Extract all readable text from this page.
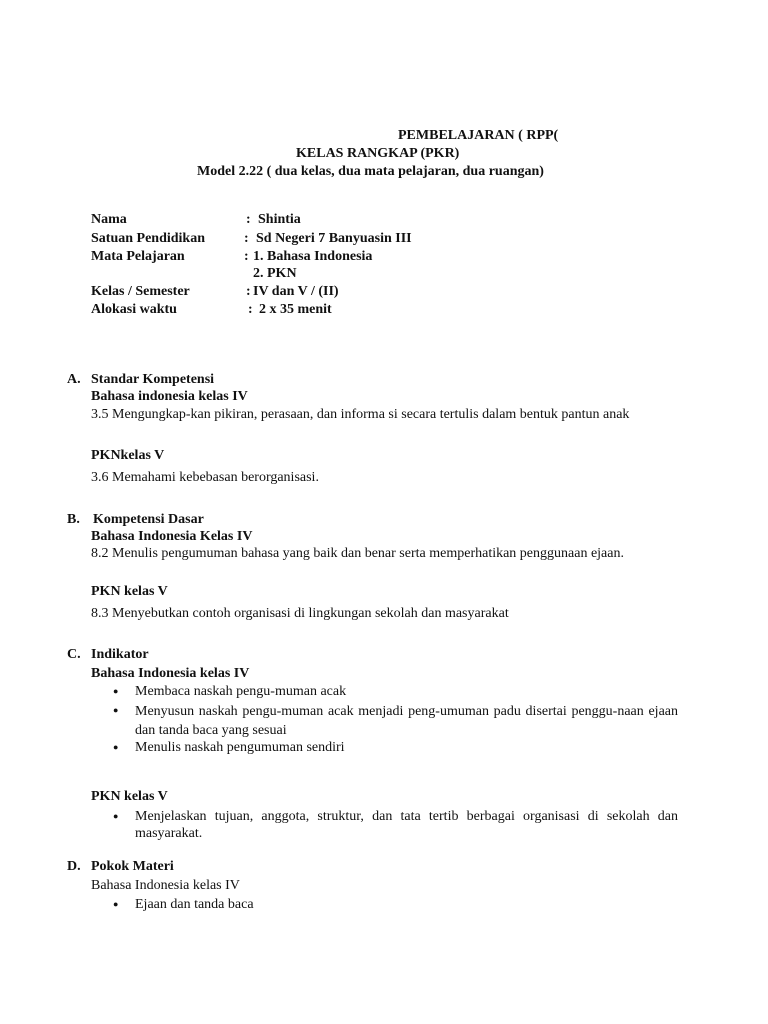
PEMBELAJARAN ( RPP(
KELAS RANGKAP (PKR)
Model 2.22 ( dua kelas, dua mata pelajaran, dua ruangan)
Nama	: Shintia
Satuan Pendidikan	: Sd Negeri 7 Banyuasin III
Mata Pelajaran	: 1. Bahasa Indonesia
2. PKN
Kelas / Semester	: IV dan V / (II)
Alokasi waktu	: 2 x 35 menit
A. Standar Kompetensi
Bahasa indonesia kelas IV
3.5 Mengungkap-kan pikiran, perasaan, dan informa si secara tertulis dalam bentuk pantun anak
PKNkelas V
3.6 Memahami kebebasan berorganisasi.
B. Kompetensi Dasar
Bahasa Indonesia Kelas IV
8.2 Menulis pengumuman bahasa yang baik dan benar serta memperhatikan penggunaan ejaan.
PKN kelas V
8.3 Menyebutkan contoh organisasi di lingkungan sekolah dan masyarakat
C. Indikator
Bahasa Indonesia kelas IV
● Membaca naskah pengu-muman acak
● Menyusun naskah pengu-muman acak menjadi peng-umuman padu disertai penggu-naan ejaan dan tanda baca yang sesuai
● Menulis naskah pengumuman sendiri
PKN kelas V
● Menjelaskan tujuan, anggota, struktur, dan tata tertib berbagai organisasi di sekolah dan masyarakat.
D. Pokok Materi
Bahasa Indonesia kelas IV
● Ejaan dan tanda baca
